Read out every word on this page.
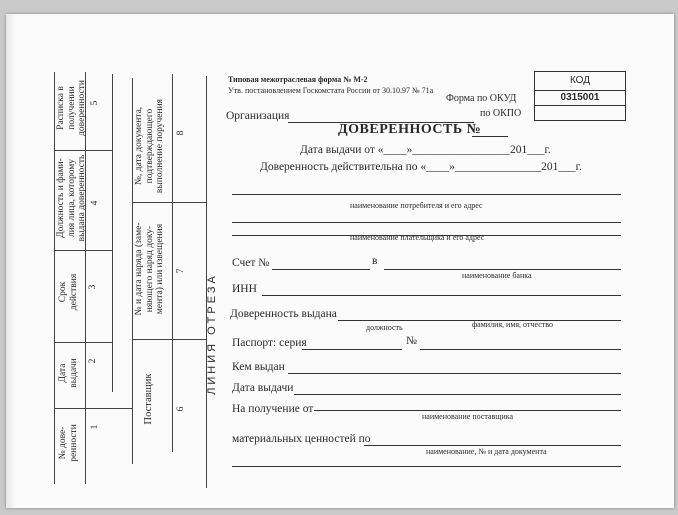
№ дове-
ренности 1
Дата
выдачи 2
Срок
действия 3
Должность и фами-
лия лица, которому
выдана доверенность 4
Расписка в
получении
доверенности 5
Поставщик 6
№ и дата наряда (заме-
няющего наряд доку-
мента) или извещения 7
№, дата документа,
подтверждающего
выполнение поручения 8
ЛИНИЯ ОТРЕЗА
Типовая межотраслевая форма № М-2
Утв. постановлением Госкомстата России от 30.10.97 № 71а
КОД
0315001
Форма по ОКУД
Организация	по ОКПО
ДОВЕРЕННОСТЬ №
Дата выдачи от «____»_________________201___г.
Доверенность действительна по «____»_______________201___г.
наименование потребителя и его адрес
наименование плательщика и его адрес
Счет №	в
наименование банка
ИНН
Доверенность выдана
должность	фамилия, имя, отчество
Паспорт: серия	№
Кем выдан
Дата выдачи
На получение от
наименование поставщика
материальных ценностей по
наименование, № и дата документа
